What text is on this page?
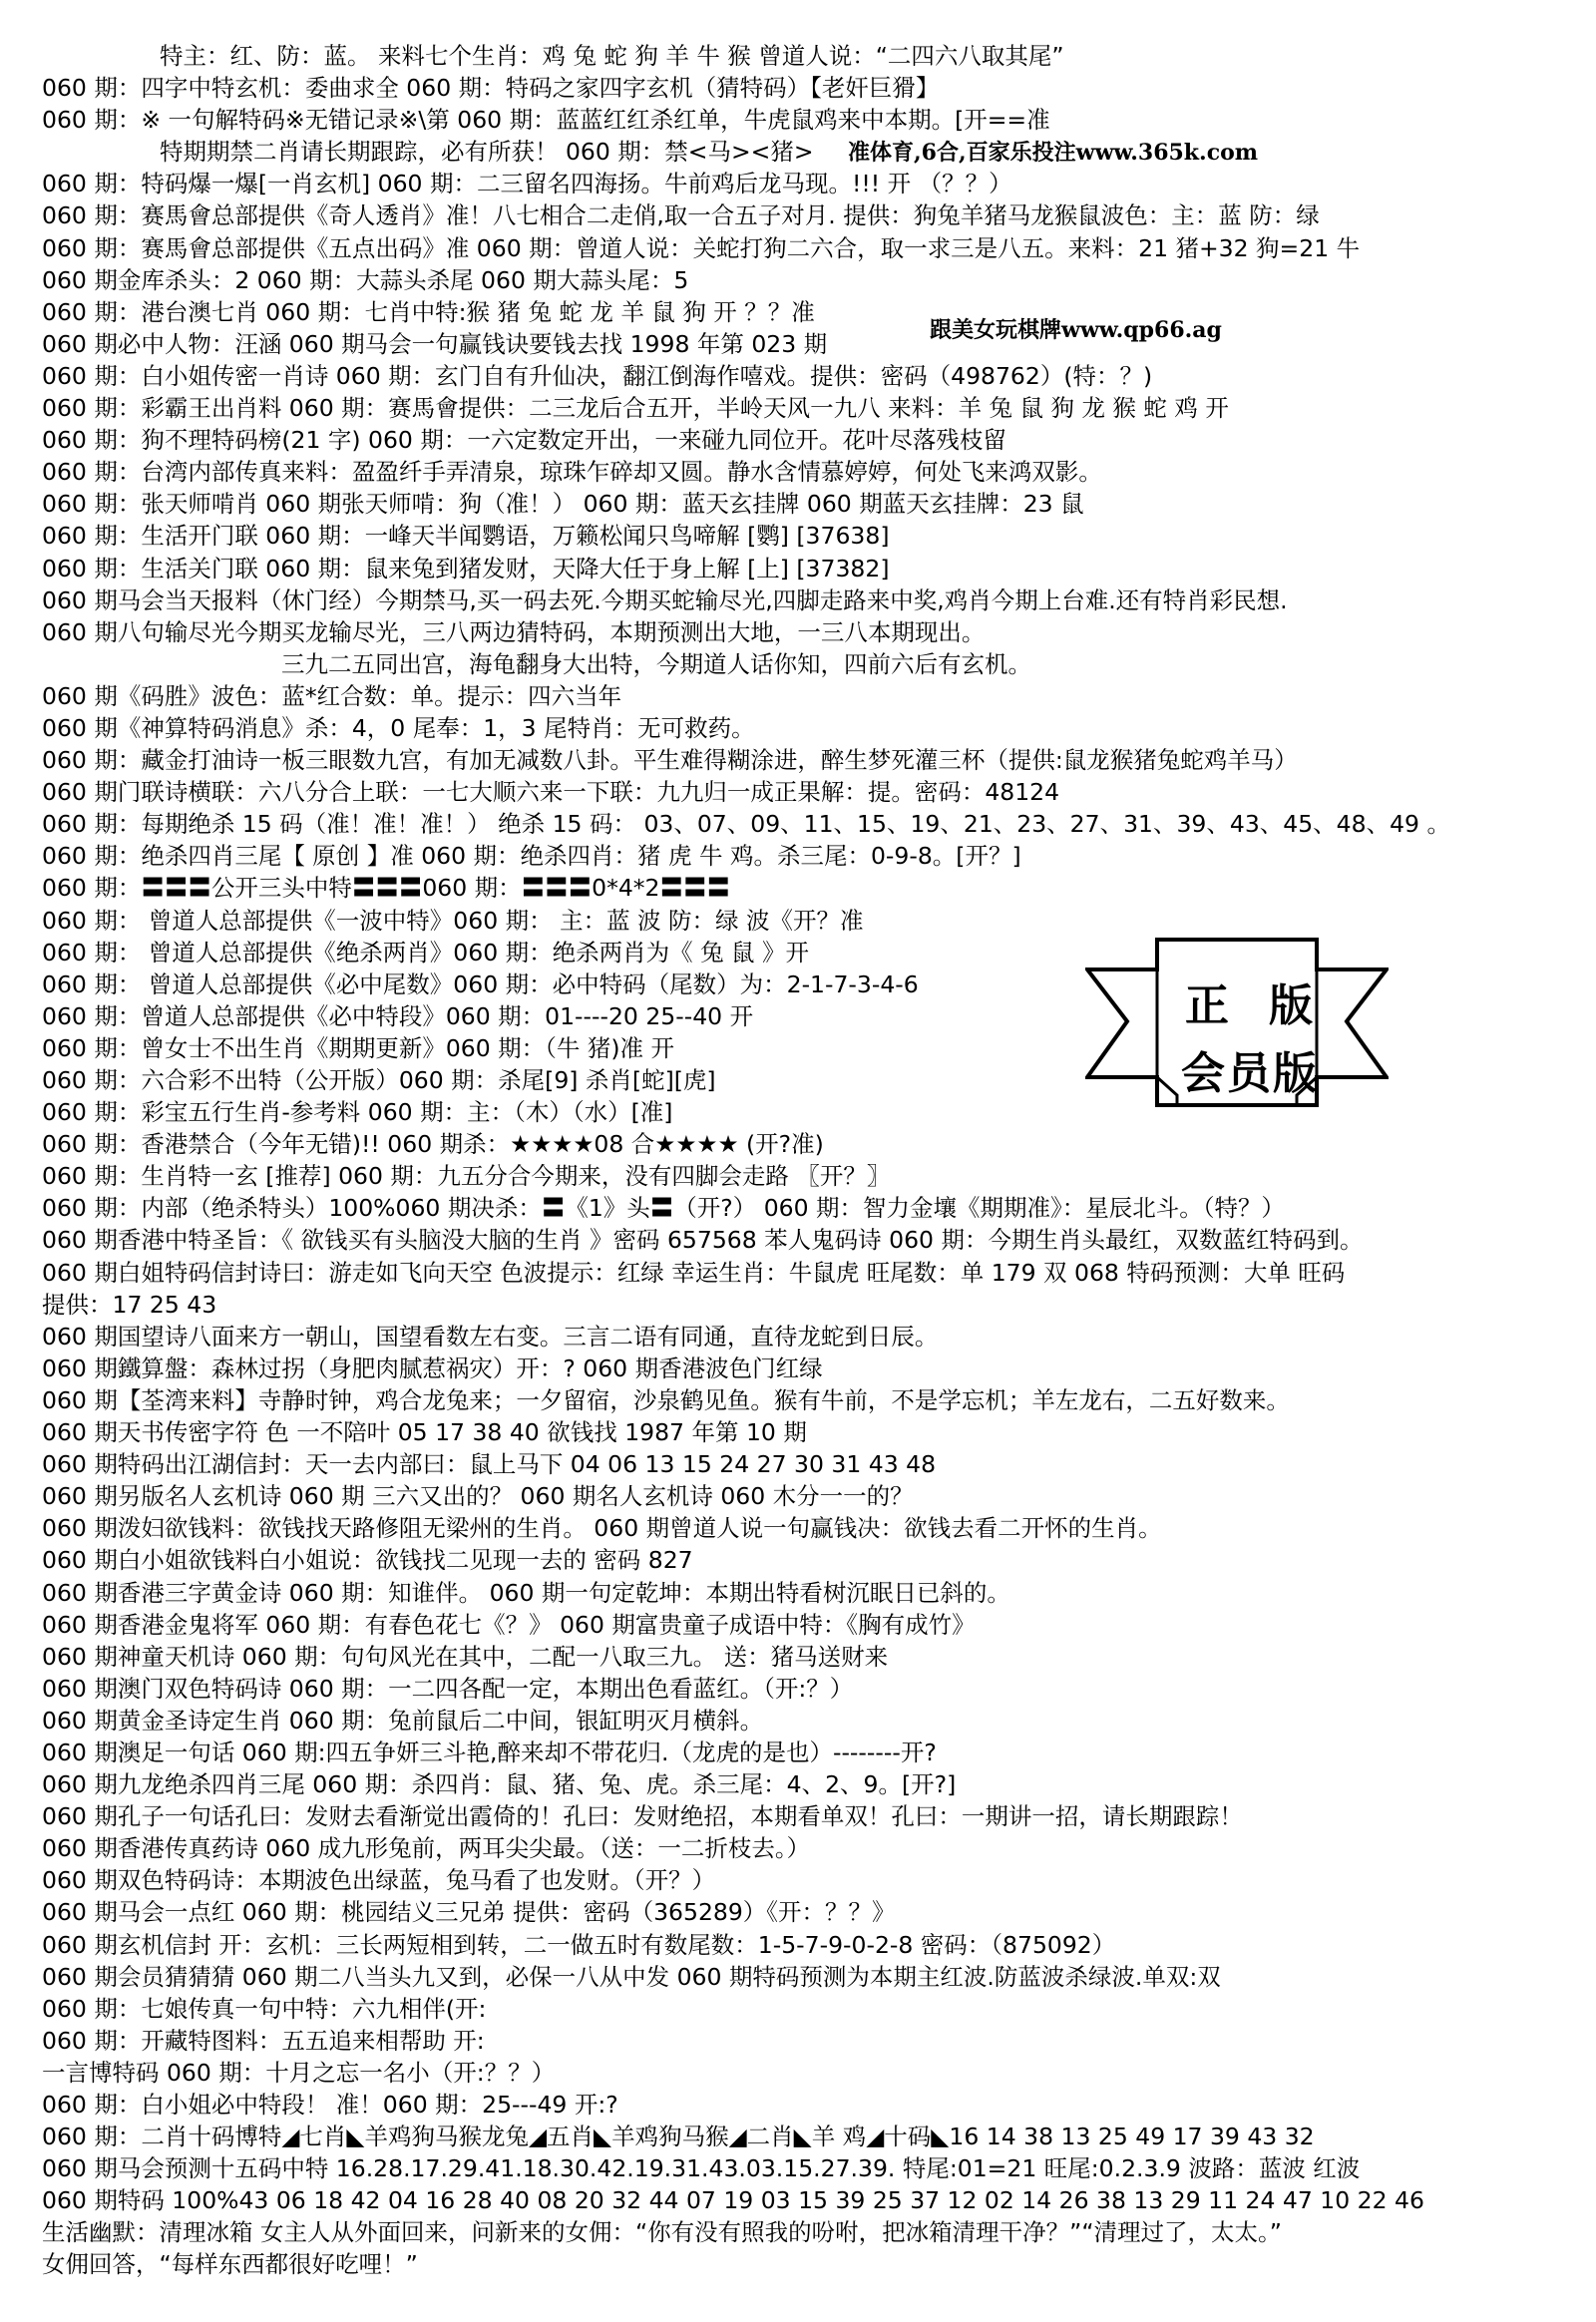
特主：红、防：蓝。 来料七个生肖：鸡 兔 蛇 狗 羊 牛 猴 曾道人说：“二四六八取其尾”
060 期：四字中特玄机：委曲求全 060 期：特码之家四字玄机（猜特码）【老奸巨猾】
060 期：※ 一句解特码※无错记录※\第 060 期：蓝蓝红红杀红单，牛虎鼠鸡来中本期。[开==准
特期期禁二肖请长期跟踪，必有所获！ 060 期：禁<马><猪>
060 期：特码爆一爆[一肖玄机] 060 期：二三留名四海扬。牛前鸡后龙马现。!!! 开 （？？）
060 期：赛馬會总部提供《奇人透肖》准！八七相合二走俏,取一合五子对月. 提供：狗兔羊猪马龙猴鼠波色：主：蓝 防：绿
060 期：赛馬會总部提供《五点出码》准 060 期：曾道人说：关蛇打狗二六合，取一求三是八五。来料：21 猪+32 狗=21 牛
060 期金库杀头：2 060 期：大蒜头杀尾 060 期大蒜头尾：5
060 期：港台澳七肖 060 期：七肖中特:猴 猪 兔 蛇 龙 羊 鼠 狗 开 ？？准
060 期必中人物：汪涵 060 期马会一句赢钱诀要钱去找 1998 年第 023 期
060 期：白小姐传密一肖诗 060 期：玄门自有升仙决，翻江倒海作嘻戏。提供：密码（498762）(特：？)
060 期：彩霸王出肖料 060 期：赛馬會提供：二三龙后合五开，半岭天风一九八 来料：羊 兔 鼠 狗 龙 猴 蛇 鸡 开
060 期：狗不理特码榜(21 字) 060 期：一六定数定开出，一来碰九同位开。花叶尽落残枝留
060 期：台湾内部传真来料：盈盈纤手弄清泉，琼珠乍碎却又圆。静水含情慕婷婷，何处飞来鸿双影。
060 期：张天师啃肖 060 期张天师啃：狗（准！） 060 期：蓝天玄挂牌 060 期蓝天玄挂牌：23 鼠
060 期：生活开门联 060 期：一峰天半闻鹦语，万籁松闻只鸟啼解 [鹦] [37638]
060 期：生活关门联 060 期：鼠来兔到猪发财，天降大任于身上解 [上] [37382]
060 期马会当天报料（休门经）今期禁马,买一码去死.今期买蛇输尽光,四脚走路来中奖,鸡肖今期上台难.还有特肖彩民想.
060 期八句输尽光今期买龙输尽光，三八两边猜特码，本期预测出大地，一三八本期现出。
三九二五同出宫，海龟翻身大出特，今期道人话你知，四前六后有玄机。
060 期《码胜》波色：蓝*红合数：单。提示：四六当年
060 期《神算特码消息》杀：4，0 尾奉：1，3 尾特肖：无可救药。
060 期：藏金打油诗一板三眼数九宫，有加无减数八卦。平生难得糊涂进，醉生梦死灌三杯（提供:鼠龙猴猪兔蛇鸡羊马）
060 期门联诗横联：六八分合上联：一七大顺六来一下联：九九归一成正果解：提。密码：48124
060 期：每期绝杀 15 码（准！准！准！） 绝杀 15 码： 03、07、09、11、15、19、21、23、27、31、39、43、45、48、49 。
060 期：绝杀四肖三尾【 原创 】准 060 期：绝杀四肖：猪 虎 牛 鸡。杀三尾：0-9-8。[开？]
060 期：〓〓〓公开三头中特〓〓〓060 期：〓〓〓0*4*2〓〓〓
060 期： 曾道人总部提供《一波中特》060 期： 主：蓝 波 防：绿 波《开？准
060 期： 曾道人总部提供《绝杀两肖》060 期：绝杀两肖为《 兔 鼠 》开
060 期： 曾道人总部提供《必中尾数》060 期：必中特码（尾数）为：2-1-7-3-4-6
060 期：曾道人总部提供《必中特段》060 期：01----20 25--40 开
060 期：曾女士不出生肖《期期更新》060 期：（牛 猪)准 开
060 期：六合彩不出特（公开版）060 期：杀尾[9] 杀肖[蛇][虎]
060 期：彩宝五行生肖-参考料 060 期：主：（木）（水）[准]
060 期：香港禁合（今年无错)!! 060 期杀：★★★★08 合★★★★ (开?准)
060 期：生肖特一玄 [推荐] 060 期：九五分合今期来，没有四脚会走路 〖开？〗
060 期：内部（绝杀特头）100%060 期决杀：〓《1》头〓（开?） 060 期：智力金壤《期期准》：星辰北斗。（特？）
060 期香港中特圣旨：《 欲钱买有头脑没大脑的生肖 》密码 657568 苯人鬼码诗 060 期：今期生肖头最红，双数蓝红特码到。
060 期白姐特码信封诗曰：游走如飞向天空 色波提示：红绿 幸运生肖：牛鼠虎 旺尾数：单 179 双 068 特码预测：大单 旺码
提供：17 25 43
060 期国望诗八面来方一朝山，国望看数左右变。三言二语有同通，直待龙蛇到日辰。
060 期鐵算盤：森林过拐（身肥肉腻惹祸灾）开：? 060 期香港波色门红绿
060 期【荃湾来料】寺静时钟，鸡合龙兔来；一夕留宿，沙泉鹤见鱼。猴有牛前，不是学忘机；羊左龙右，二五好数来。
060 期天书传密字符 色 一不陪叶 05 17 38 40 欲钱找 1987 年第 10 期
060 期特码出江湖信封：天一去内部曰：鼠上马下 04 06 13 15 24 27 30 31 43 48
060 期另版名人玄机诗 060 期 三六又出的？ 060 期名人玄机诗 060 木分一一的？
060 期泼妇欲钱料：欲钱找天路修阻无梁州的生肖。 060 期曾道人说一句赢钱决：欲钱去看二开怀的生肖。
060 期白小姐欲钱料白小姐说：欲钱找二见现一去的 密码 827
060 期香港三字黄金诗 060 期：知谁伴。 060 期一句定乾坤：本期出特看树沉眠日已斜的。
060 期香港金鬼将军 060 期：有春色花七《？》 060 期富贵童子成语中特：《胸有成竹》
060 期神童天机诗 060 期：句句风光在其中，二配一八取三九。 送：猪马送财来
060 期澳门双色特码诗 060 期：一二四各配一定，本期出色看蓝红。（开:？）
060 期黄金圣诗定生肖 060 期：兔前鼠后二中间，银缸明灭月横斜。
060 期澳足一句话 060 期:四五争妍三斗艳,醉来却不带花归.（龙虎的是也）--------开?
060 期九龙绝杀四肖三尾 060 期：杀四肖：鼠、猪、兔、虎。杀三尾：4、2、9。[开?]
060 期孔子一句话孔曰：发财去看渐觉出霞倚的！孔曰：发财绝招，本期看单双！孔曰：一期讲一招，请长期跟踪！
060 期香港传真药诗 060 成九形兔前，两耳尖尖最。（送：一二折枝去。）
060 期双色特码诗：本期波色出绿蓝，兔马看了也发财。（开？）
060 期马会一点红 060 期：桃园结义三兄弟 提供：密码（365289）《开：？？》
060 期玄机信封 开：玄机：三长两短相到转，二一做五时有数尾数：1-5-7-9-0-2-8 密码：（875092）
060 期会员猜猜猜 060 期二八当头九又到，必保一八从中发 060 期特码预测为本期主红波.防蓝波杀绿波.单双:双
060 期：七娘传真一句中特：六九相伴(开:
060 期：开藏特图料：五五追来相帮助 开:
一言博特码 060 期：十月之忘一名小（开:？？）
060 期：白小姐必中特段！ 准！060 期：25---49 开:?
060 期：二肖十码博特◢七肖◣羊鸡狗马猴龙兔◢五肖◣羊鸡狗马猴◢二肖◣羊 鸡◢十码◣16 14 38 13 25 49 17 39 43 32
060 期马会预测十五码中特 16.28.17.29.41.18.30.42.19.31.43.03.15.27.39. 特尾:01=21 旺尾:0.2.3.9 波路：蓝波 红波
060 期特码 100%43 06 18 42 04 16 28 40 08 20 32 44 07 19 03 15 39 25 37 12 02 14 26 38 13 29 11 24 47 10 22 46
生活幽默：清理冰箱 女主人从外面回来，问新来的女佣：“你有没有照我的吩咐，把冰箱清理干净？”“清理过了，太太。”
女佣回答，“每样东西都很好吃哩！”
准体育,6合,百家乐投注www.365k.com
跟美女玩棋牌www.qp66.ag
正版
会员版
